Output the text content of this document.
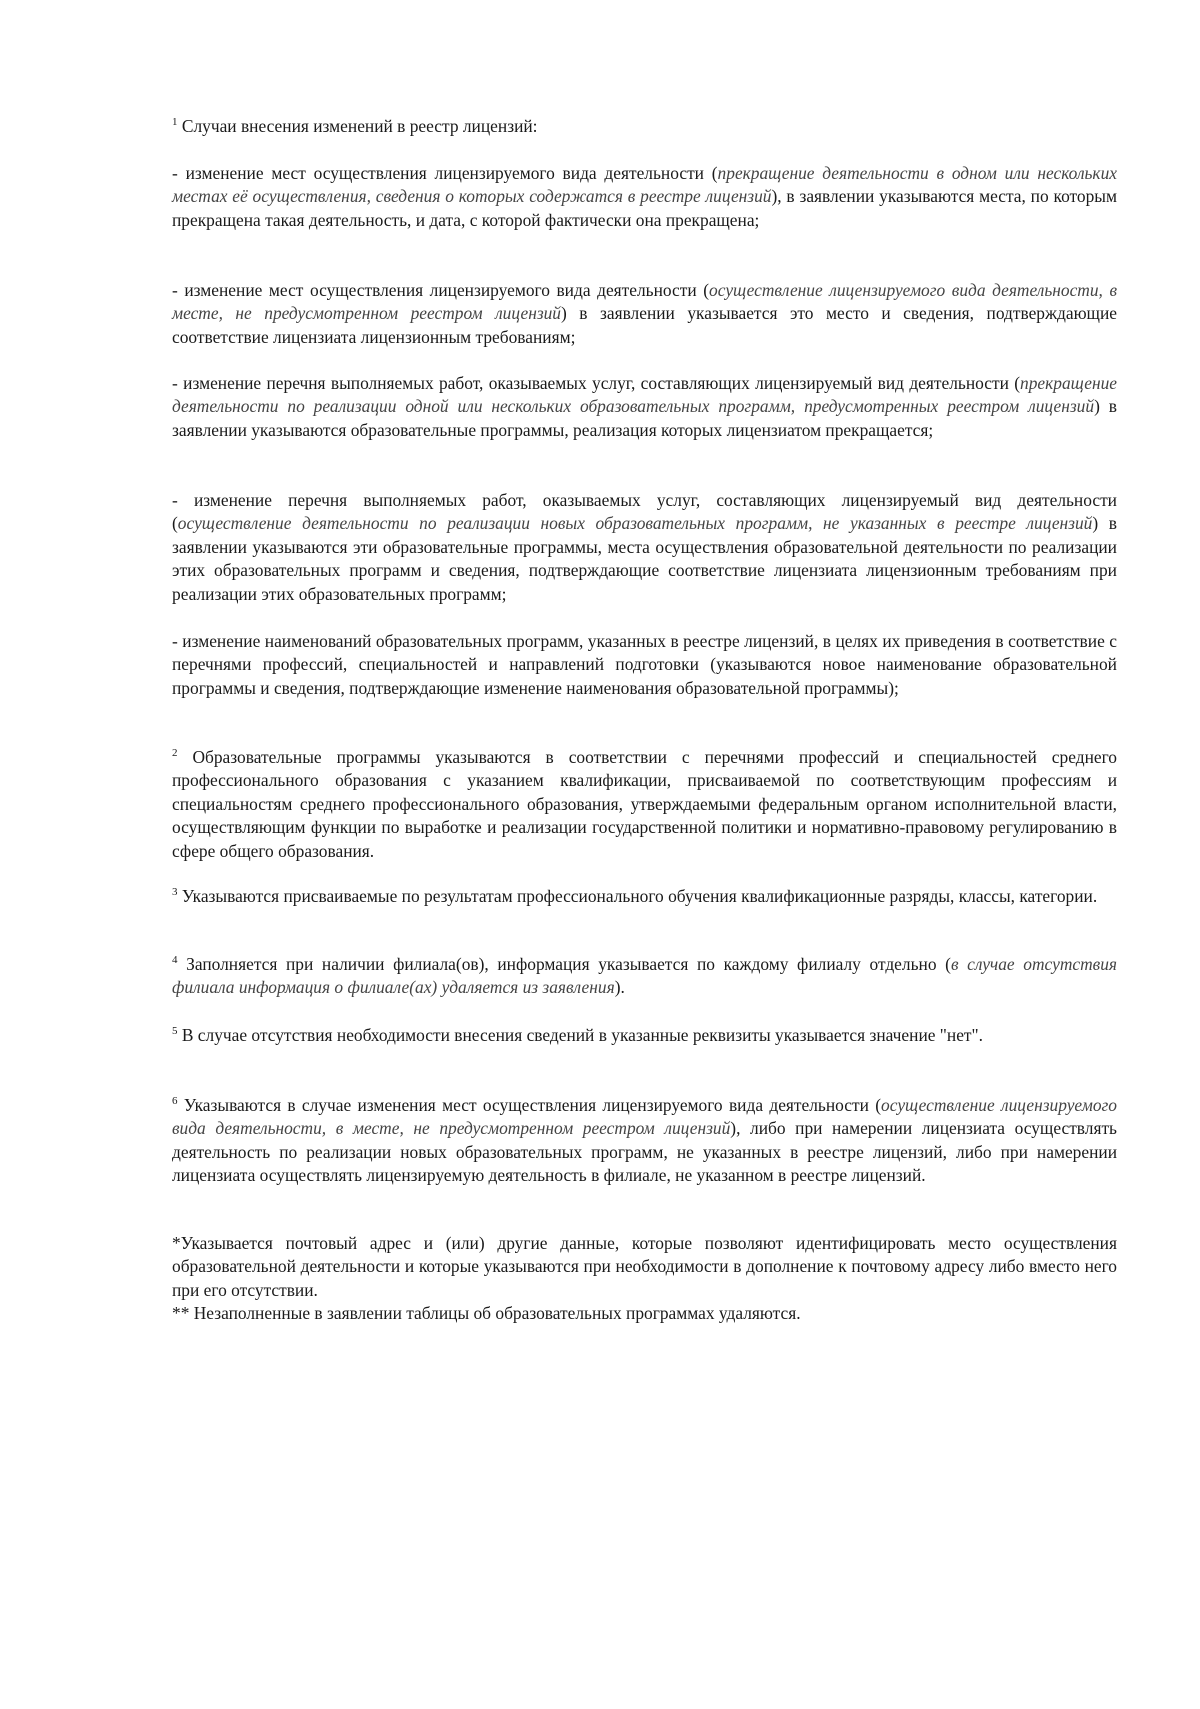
$^1$ Случаи внесения изменений в реестр лицензий:

- изменение мест осуществления лицензируемого вида деятельности (прекращение деятельности в одном или нескольких местах её осуществления, сведения о которых содержатся в реестре лицензий), в заявлении указываются места, по которым прекращена такая деятельность, и дата, с которой фактически она прекращена;

- изменение мест осуществления лицензируемого вида деятельности (осуществление лицензируемого вида деятельности, в месте, не предусмотренном реестром лицензий) в заявлении указывается это место и сведения, подтверждающие соответствие лицензиата лицензионным требованиям;

- изменение перечня выполняемых работ, оказываемых услуг, составляющих лицензируемый вид деятельности (прекращение деятельности по реализации одной или нескольких образовательных программ, предусмотренных реестром лицензий) в заявлении указываются образовательные программы, реализация которых лицензиатом прекращается;

- изменение перечня выполняемых работ, оказываемых услуг, составляющих лицензируемый вид деятельности (осуществление деятельности по реализации новых образовательных программ, не указанных в реестре лицензий) в заявлении указываются эти образовательные программы, места осуществления образовательной деятельности по реализации этих образовательных программ и сведения, подтверждающие соответствие лицензиата лицензионным требованиям при реализации этих образовательных программ;

- изменение наименований образовательных программ, указанных в реестре лицензий, в целях их приведения в соответствие с перечнями профессий, специальностей и направлений подготовки (указываются новое наименование образовательной программы и сведения, подтверждающие изменение наименования образовательной программы);

$^2$ Образовательные программы указываются в соответствии с перечнями профессий и специальностей среднего профессионального образования с указанием квалификации, присваиваемой по соответствующим профессиям и специальностям среднего профессионального образования, утверждаемыми федеральным органом исполнительной власти, осуществляющим функции по выработке и реализации государственной политики и нормативно-правовому регулированию в сфере общего образования.

$^3$ Указываются присваиваемые по результатам профессионального обучения квалификационные разряды, классы, категории.

$^4$ Заполняется при наличии филиала(ов), информация указывается по каждому филиалу отдельно (в случае отсутствия филиала информация о филиале(ах) удаляется из заявления).

$^5$ В случае отсутствия необходимости внесения сведений в указанные реквизиты указывается значение "нет".

$^6$ Указываются в случае изменения мест осуществления лицензируемого вида деятельности (осуществление лицензируемого вида деятельности, в месте, не предусмотренном реестром лицензий), либо при намерении лицензиата осуществлять деятельность по реализации новых образовательных программ, не указанных в реестре лицензий, либо при намерении лицензиата осуществлять лицензируемую деятельность в филиале, не указанном в реестре лицензий.

*Указывается почтовый адрес и (или) другие данные, которые позволяют идентифицировать место осуществления образовательной деятельности и которые указываются при необходимости в дополнение к почтовому адресу либо вместо него при его отсутствии.

** Незаполненные в заявлении таблицы об образовательных программах удаляются.
